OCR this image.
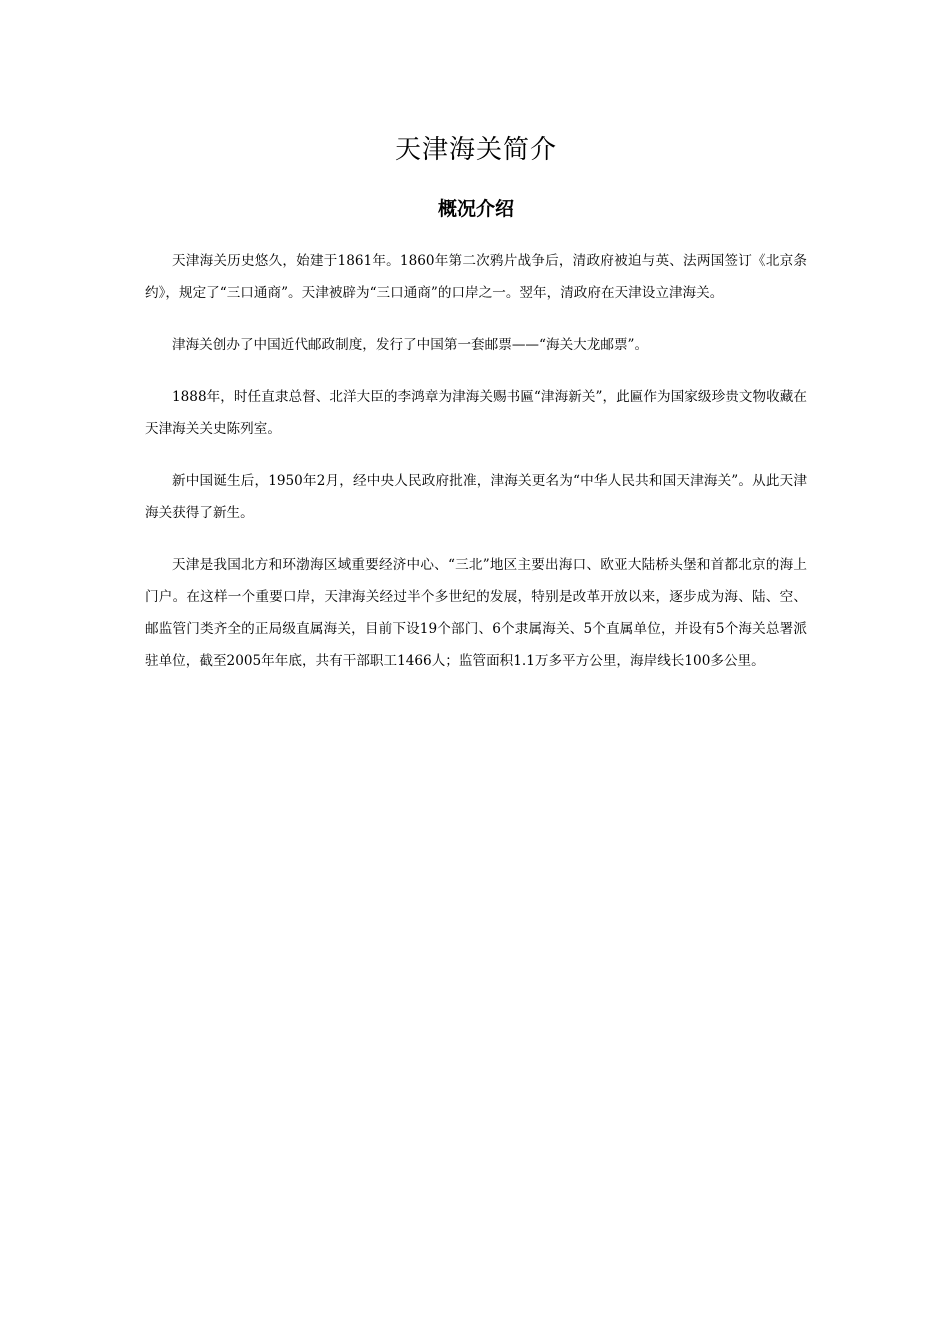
天津海关简介
概况介绍

天津海关历史悠久，始建于1861年。1860年第二次鸦片战争后，清政府被迫与英、法两国签订《北京条约》，规定了“三口通商”。天津被辟为“三口通商”的口岸之一。翌年，清政府在天津设立津海关。

津海关创办了中国近代邮政制度，发行了中国第一套邮票——“海关大龙邮票”。

1888年，时任直隶总督、北洋大臣的李鸿章为津海关赐书匾“津海新关”，此匾作为国家级珍贵文物收藏在天津海关关史陈列室。

新中国诞生后，1950年2月，经中央人民政府批准，津海关更名为“中华人民共和国天津海关”。从此天津海关获得了新生。

天津是我国北方和环渤海区域重要经济中心、“三北”地区主要出海口、欧亚大陆桥头堡和首都北京的海上门户。在这样一个重要口岸，天津海关经过半个多世纪的发展，特别是改革开放以来，逐步成为海、陆、空、邮监管门类齐全的正局级直属海关，目前下设19个部门、6个隶属海关、5个直属单位，并设有5个海关总署派驻单位，截至2005年年底，共有干部职工1466人；监管面积1.1万多平方公里，海岸线长100多公里。
